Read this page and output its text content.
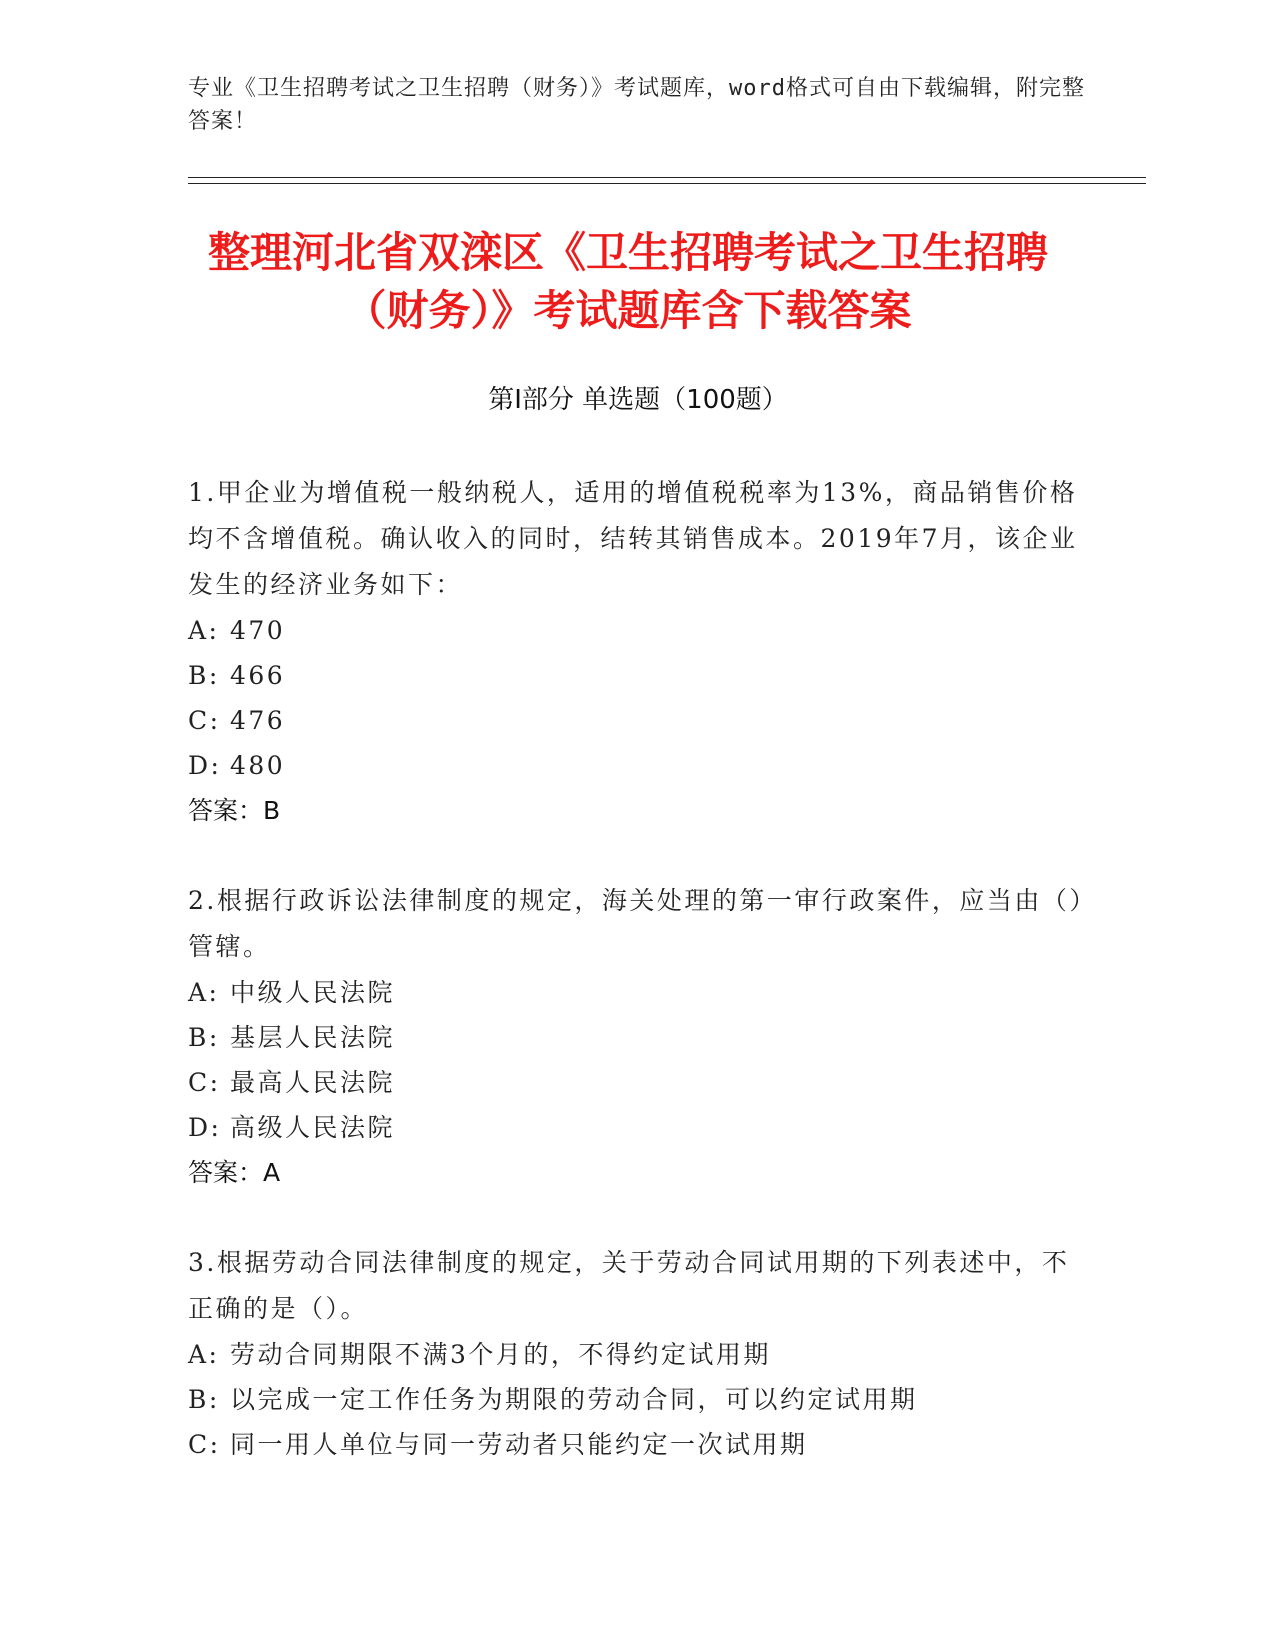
专业《卫生招聘考试之卫生招聘（财务）》考试题库，word格式可自由下载编辑，附完整答案！
整理河北省双滦区《卫生招聘考试之卫生招聘（财务）》考试题库含下载答案
第Ⅰ部分 单选题（100题）
1.甲企业为增值税一般纳税人，适用的增值税税率为13%，商品销售价格均不含增值税。确认收入的同时，结转其销售成本。2019年7月，该企业发生的经济业务如下：
A: 470
B: 466
C: 476
D: 480
答案：B
2.根据行政诉讼法律制度的规定，海关处理的第一审行政案件，应当由（）管辖。
A: 中级人民法院
B: 基层人民法院
C: 最高人民法院
D: 高级人民法院
答案：A
3.根据劳动合同法律制度的规定，关于劳动合同试用期的下列表述中，不正确的是（）。
A: 劳动合同期限不满3个月的，不得约定试用期
B: 以完成一定工作任务为期限的劳动合同，可以约定试用期
C: 同一用人单位与同一劳动者只能约定一次试用期
